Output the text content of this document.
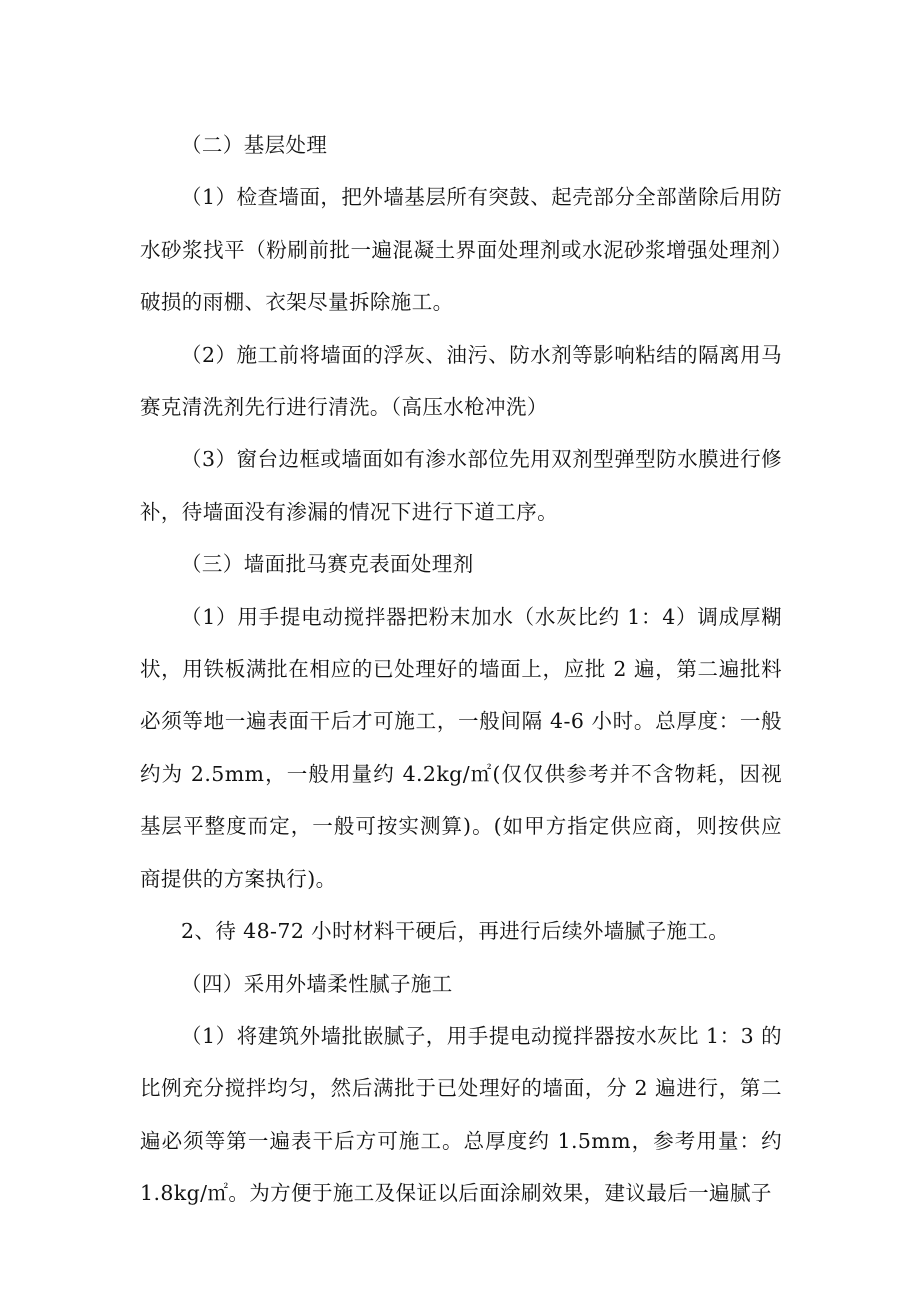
（二）基层处理

（1）检查墙面，把外墙基层所有突鼓、起壳部分全部凿除后用防水砂浆找平（粉刷前批一遍混凝土界面处理剂或水泥砂浆增强处理剂）破损的雨棚、衣架尽量拆除施工。

（2）施工前将墙面的浮灰、油污、防水剂等影响粘结的隔离用马赛克清洗剂先行进行清洗。（高压水枪冲洗）

（3）窗台边框或墙面如有渗水部位先用双剂型弹型防水膜进行修补，待墙面没有渗漏的情况下进行下道工序。

（三）墙面批马赛克表面处理剂

（1）用手提电动搅拌器把粉末加水（水灰比约 1：4）调成厚糊状，用铁板满批在相应的已处理好的墙面上，应批 2 遍，第二遍批料必须等地一遍表面干后才可施工，一般间隔 4-6 小时。总厚度：一般约为 2.5mm，一般用量约 4.2kg/㎡(仅仅供参考并不含物耗，因视基层平整度而定，一般可按实测算)。(如甲方指定供应商，则按供应商提供的方案执行)。

2、待 48-72 小时材料干硬后，再进行后续外墙腻子施工。

（四）采用外墙柔性腻子施工

（1）将建筑外墙批嵌腻子，用手提电动搅拌器按水灰比 1：3 的比例充分搅拌均匀，然后满批于已处理好的墙面，分 2 遍进行，第二遍必须等第一遍表干后方可施工。总厚度约 1.5mm，参考用量：约 1.8kg/㎡。为方便于施工及保证以后面涂刷效果，建议最后一遍腻子
